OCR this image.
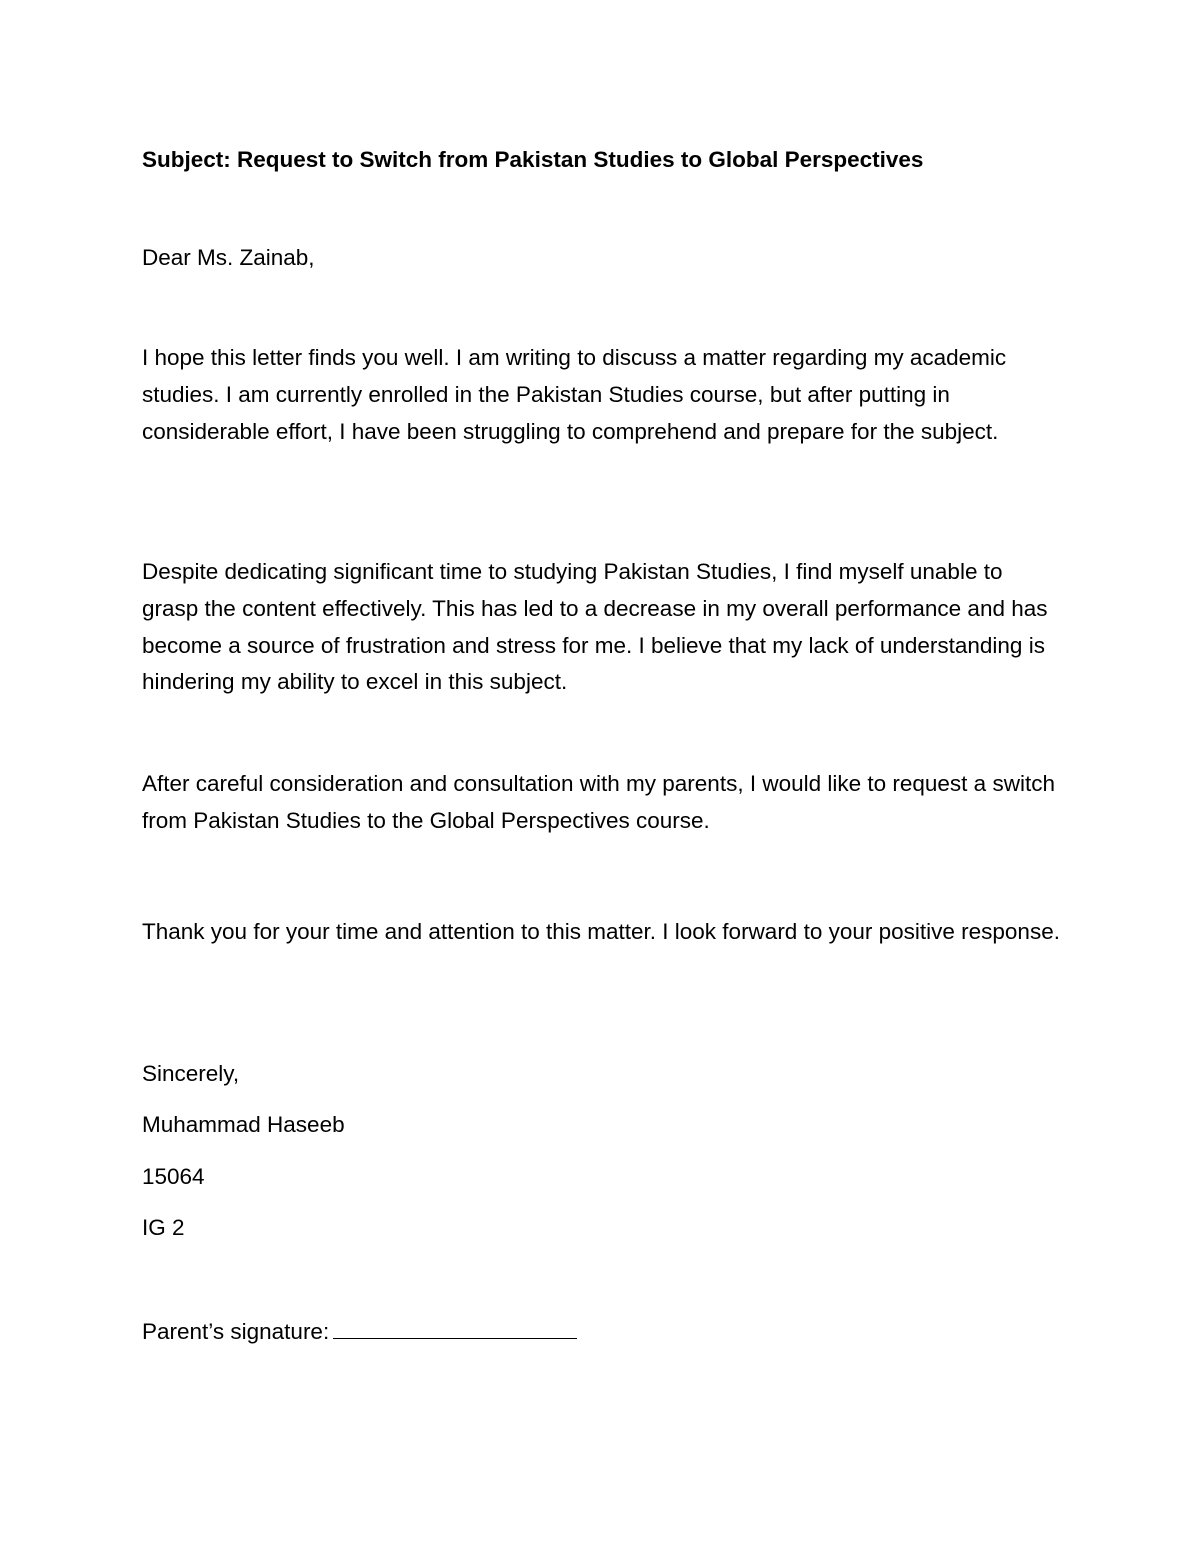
Subject: Request to Switch from Pakistan Studies to Global Perspectives

Dear Ms. Zainab,

I hope this letter finds you well. I am writing to discuss a matter regarding my academic studies. I am currently enrolled in the Pakistan Studies course, but after putting in considerable effort, I have been struggling to comprehend and prepare for the subject.

Despite dedicating significant time to studying Pakistan Studies, I find myself unable to grasp the content effectively. This has led to a decrease in my overall performance and has become a source of frustration and stress for me. I believe that my lack of understanding is hindering my ability to excel in this subject.

After careful consideration and consultation with my parents, I would like to request a switch from Pakistan Studies to the Global Perspectives course.

Thank you for your time and attention to this matter. I look forward to your positive response.

Sincerely,

Muhammad Haseeb

15064

IG 2

Parent’s signature:
